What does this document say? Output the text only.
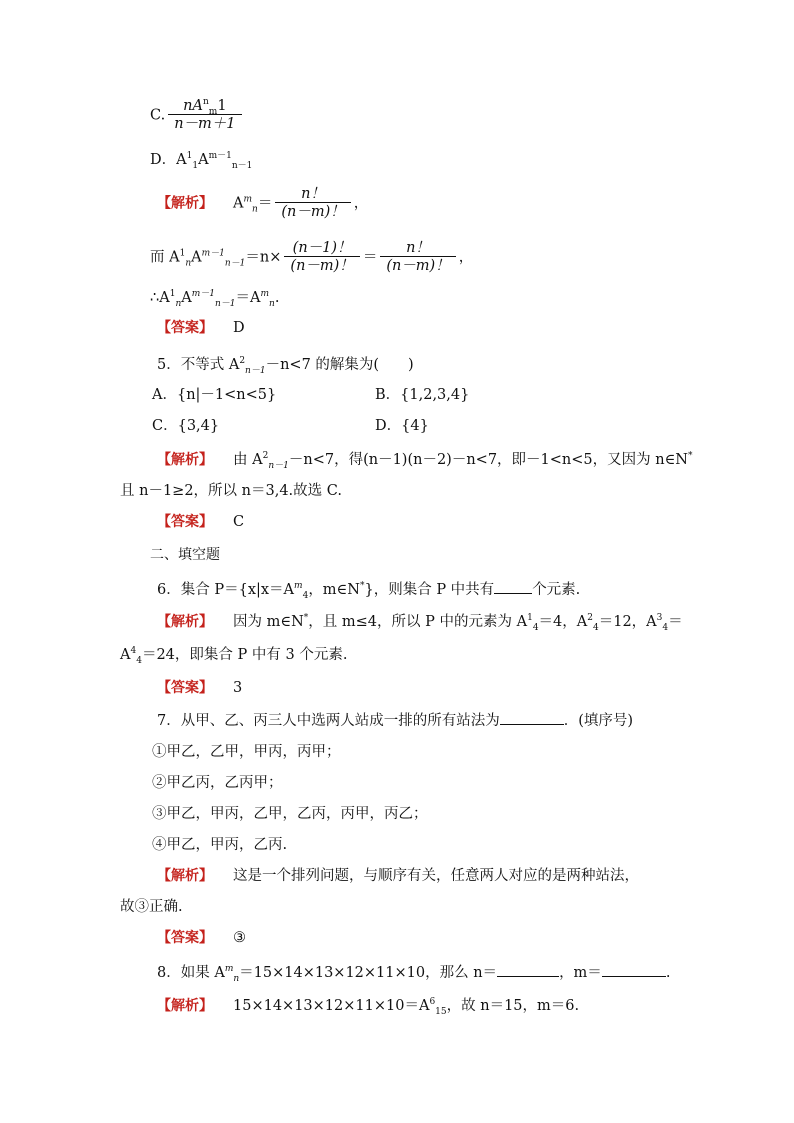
C. $\frac{nA^n_m1}{n-m+1}$
D．$A^1_1A^{m-1}_{n-1}$
【解析】 $A^m_n= \frac{n!}{(n-m)!}$ ，
而 $A^1_nA^{m-1}_{n-1}=n\times \frac{(n-1)!}{(n-m)!} = \frac{n!}{(n-m)!}$ ，
$\therefore A^1_nA^{m-1}_{n-1}=A^m_n$.
【答案】 D
5．不等式 $A^2_{n-1}-n<7$ 的解集为(　　)
A．{n|－1<n<5}	B．{1,2,3,4}
C．{3,4}	D．{4}
【解析】 由 $A^2_{n-1}-n<7$，得(n－1)(n－2)－n<7，即－1<n<5，又因为 n∈N*
且 n－1≥2，所以 n＝3,4.故选 C.
【答案】 C
二、填空题
6．集合 $P=\{x|x=A^m_4$，m∈N*}，则集合 P 中共有	个元素.
【解析】 因为 m∈N*，且 m≤4，所以 P 中的元素为 $A^1_4=4$，$A^2_4=12$，$A^3_4=$
$A^4_4=24$，即集合 P 中有 3 个元素.
【答案】 3
7．从甲、乙、丙三人中选两人站成一排的所有站法为	．(填序号)
①甲乙，乙甲，甲丙，丙甲；
②甲乙丙，乙丙甲；
③甲乙，甲丙，乙甲，乙丙，丙甲，丙乙；
④甲乙，甲丙，乙丙.
【解析】 这是一个排列问题，与顺序有关，任意两人对应的是两种站法，
故③正确.
【答案】 ③
8．如果 $A^m_n=15\times 14\times 13\times 12\times 11\times 10$，那么 n＝	，m＝	.
【解析】 $15\times 14\times 13\times 12\times 11\times 10=A^6_{15}$，故 n＝15，m＝6.
